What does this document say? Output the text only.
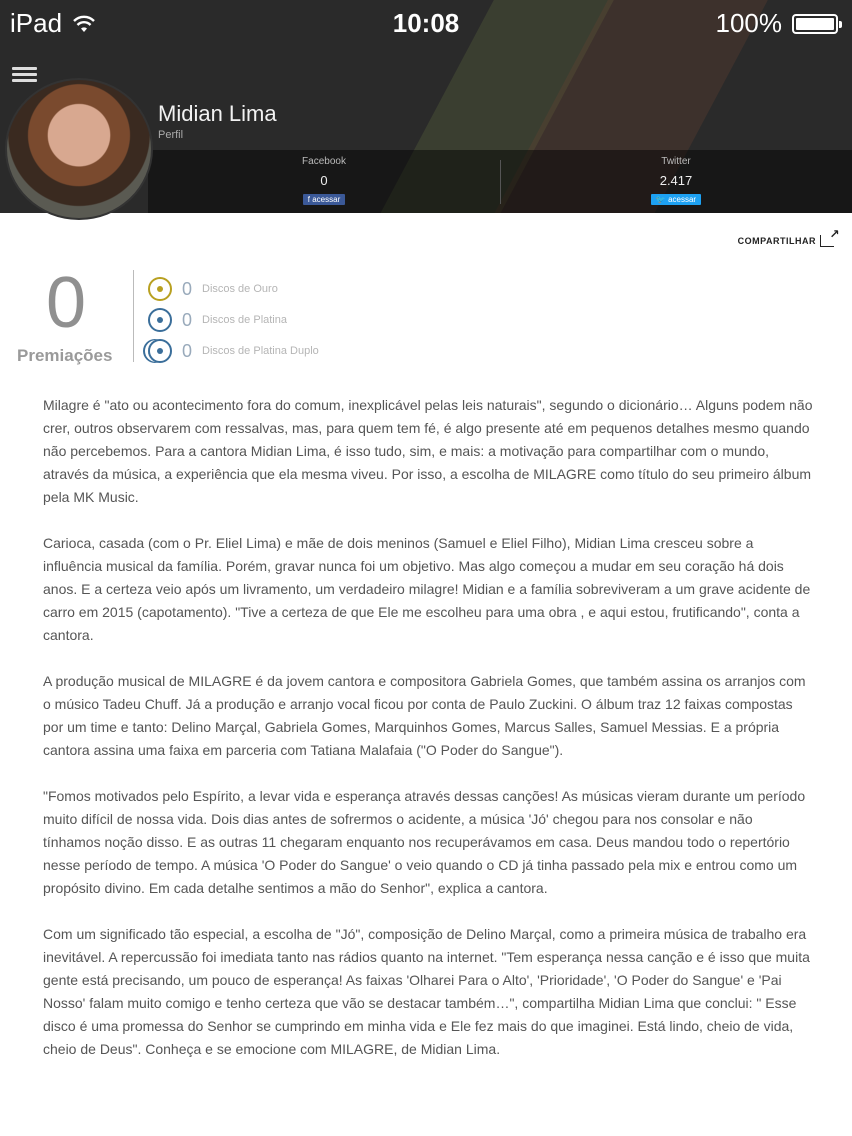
iPad	10:08	100%
Midian Lima
Perfil
Facebook
0
f acessar
Twitter
2.417
🐦 acessar
COMPARTILHAR
↗
0
Premiações
0 Discos de Ouro
0 Discos de Platina
0 Discos de Platina Duplo

Milagre é "ato ou acontecimento fora do comum, inexplicável pelas leis naturais", segundo o dicionário… Alguns podem não crer, outros observarem com ressalvas, mas, para quem tem fé, é algo presente até em pequenos detalhes mesmo quando não percebemos. Para a cantora Midian Lima, é isso tudo, sim, e mais: a motivação para compartilhar com o mundo, através da música, a experiência que ela mesma viveu. Por isso, a escolha de MILAGRE como título do seu primeiro álbum pela MK Music.

Carioca, casada (com o Pr. Eliel Lima) e mãe de dois meninos (Samuel e Eliel Filho), Midian Lima cresceu sobre a influência musical da família. Porém, gravar nunca foi um objetivo. Mas algo começou a mudar em seu coração há dois anos. E a certeza veio após um livramento, um verdadeiro milagre! Midian e a família sobreviveram a um grave acidente de carro em 2015 (capotamento). "Tive a certeza de que Ele me escolheu para uma obra , e aqui estou, frutificando", conta a cantora.

A produção musical de MILAGRE é da jovem cantora e compositora Gabriela Gomes, que também assina os arranjos com o músico Tadeu Chuff. Já a produção e arranjo vocal ficou por conta de Paulo Zuckini. O álbum traz 12 faixas compostas por um time e tanto: Delino Marçal, Gabriela Gomes, Marquinhos Gomes, Marcus Salles, Samuel Messias. E a própria cantora assina uma faixa em parceria com Tatiana Malafaia ("O Poder do Sangue").

"Fomos motivados pelo Espírito, a levar vida e esperança através dessas canções! As músicas vieram durante um período muito difícil de nossa vida. Dois dias antes de sofrermos o acidente, a música 'Jó' chegou para nos consolar e não tínhamos noção disso. E as outras 11 chegaram enquanto nos recuperávamos em casa. Deus mandou todo o repertório nesse período de tempo. A música 'O Poder do Sangue' o veio quando o CD já tinha passado pela mix e entrou como um propósito divino. Em cada detalhe sentimos a mão do Senhor", explica a cantora.

Com um significado tão especial, a escolha de "Jó", composição de Delino Marçal, como a primeira música de trabalho era inevitável. A repercussão foi imediata tanto nas rádios quanto na internet. "Tem esperança nessa canção e é isso que muita gente está precisando, um pouco de esperança! As faixas 'Olharei Para o Alto', 'Prioridade', 'O Poder do Sangue' e 'Pai Nosso' falam muito comigo e tenho certeza que vão se destacar também…", compartilha Midian Lima que conclui: " Esse disco é uma promessa do Senhor se cumprindo em minha vida e Ele fez mais do que imaginei. Está lindo, cheio de vida, cheio de Deus". Conheça e se emocione com MILAGRE, de Midian Lima.
